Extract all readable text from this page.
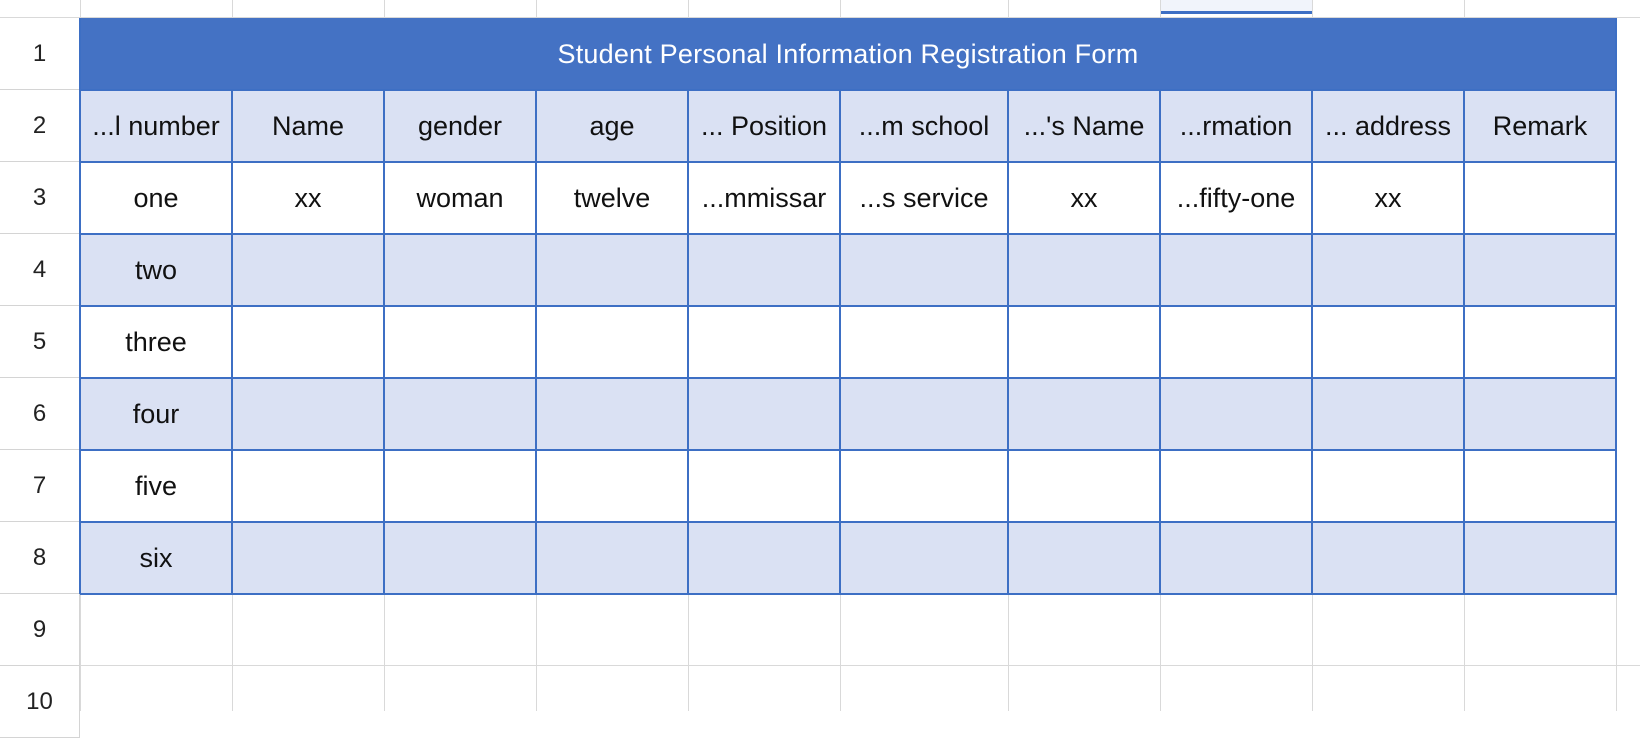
1
2
3
4
5
6
7
8
9
10
Student Personal Information Registration Form
...l number	Name	gender	age	... Position	...m school	...'s Name	...rmation	... address	Remark
one	xx	woman	twelve	...mmissar	...s service	xx	...fifty-one	xx
two
three
four
five
six
